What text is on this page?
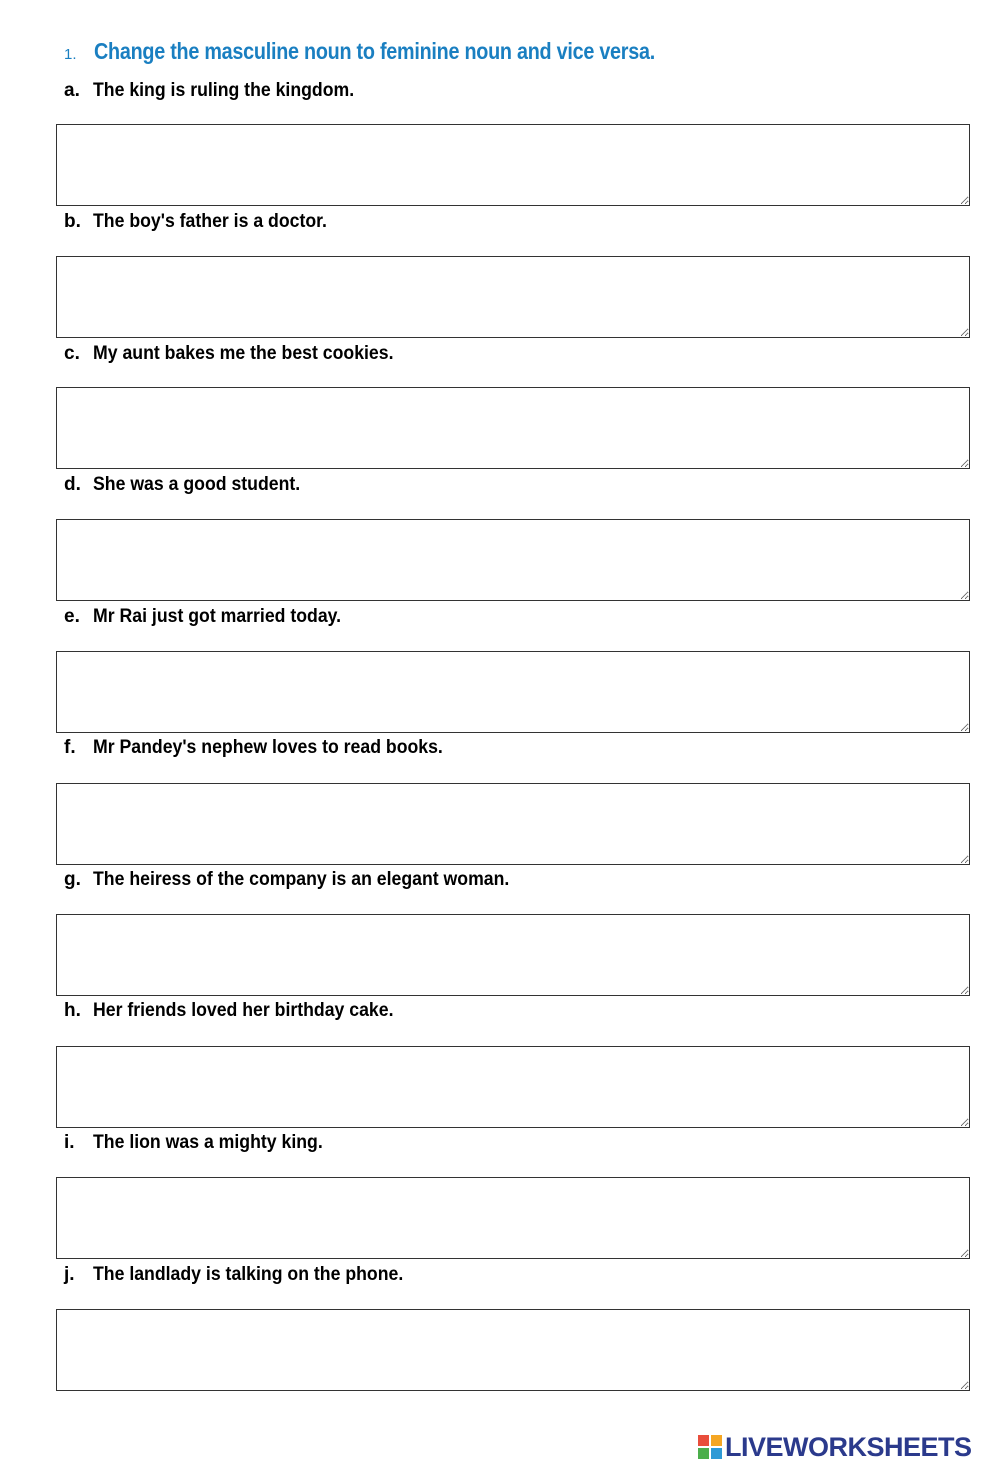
1. Change the masculine noun to feminine noun and vice versa.
a. The king is ruling the kingdom.
b. The boy's father is a doctor.
c. My aunt bakes me the best cookies.
d. She was a good student.
e. Mr Rai just got married today.
f. Mr Pandey's nephew loves to read books.
g. The heiress of the company is an elegant woman.
h. Her friends loved her birthday cake.
i. The lion was a mighty king.
j. The landlady is talking on the phone.
LIVEWORKSHEETS
